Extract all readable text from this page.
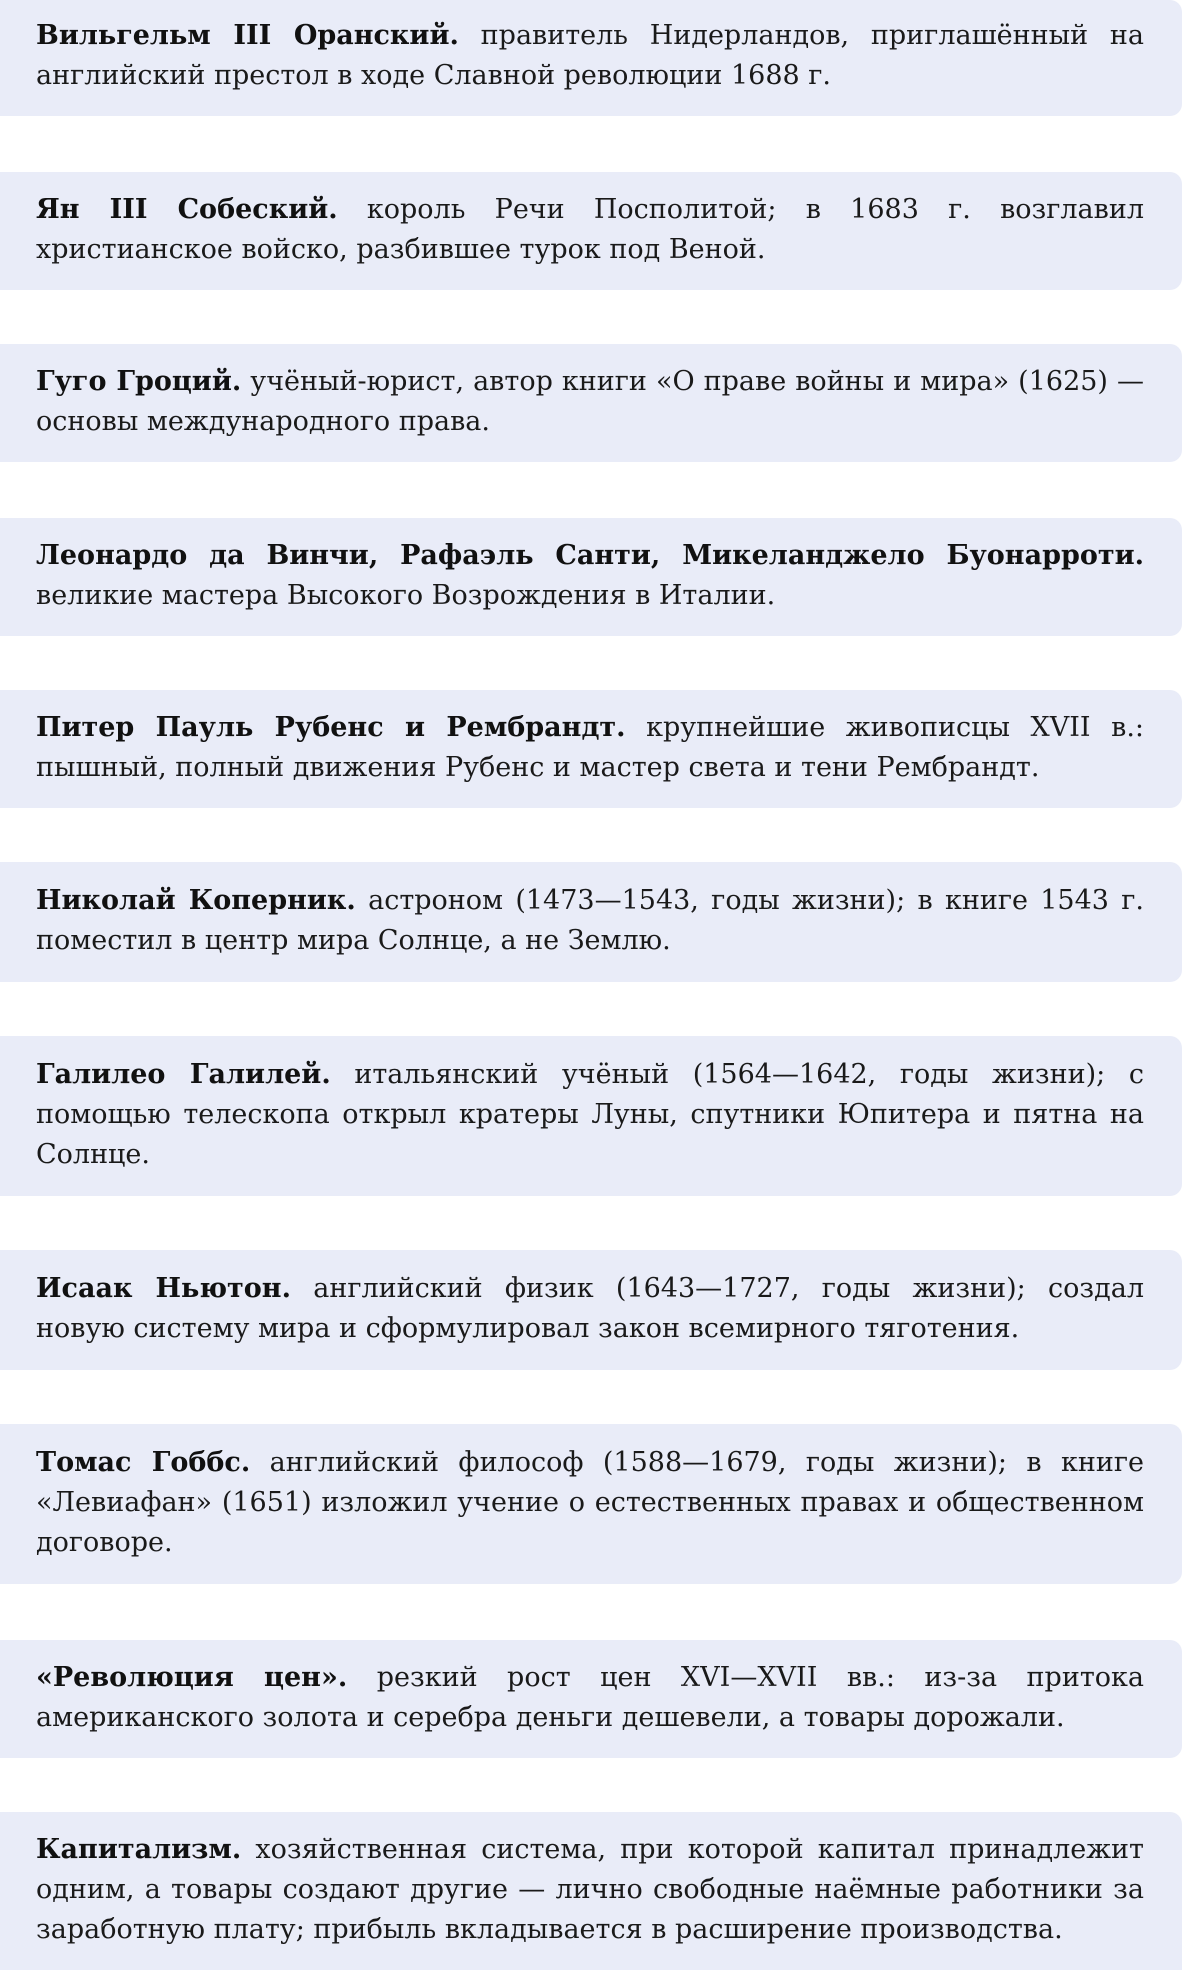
Вильгельм III Оранский. правитель Нидерландов, приглашённый на английский престол в ходе Славной революции 1688 г.

Ян III Собеский. король Речи Посполитой; в 1683 г. возглавил христианское войско, разбившее турок под Веной.

Гуго Гроций. учёный-юрист, автор книги «О праве войны и мира» (1625) — основы международного права.

Леонардо да Винчи, Рафаэль Санти, Микеланджело Буонарроти. великие мастера Высокого Возрождения в Италии.

Питер Пауль Рубенс и Рембрандт. крупнейшие живописцы XVII в.: пышный, полный движения Рубенс и мастер света и тени Рембрандт.

Николай Коперник. астроном (1473—1543, годы жизни); в книге 1543 г. поместил в центр мира Солнце, а не Землю.

Галилео Галилей. итальянский учёный (1564—1642, годы жизни); с помощью телескопа открыл кратеры Луны, спутники Юпитера и пятна на Солнце.

Исаак Ньютон. английский физик (1643—1727, годы жизни); создал новую систему мира и сформулировал закон всемирного тяготения.

Томас Гоббс. английский философ (1588—1679, годы жизни); в книге «Левиафан» (1651) изложил учение о естественных правах и общественном договоре.

«Революция цен». резкий рост цен XVI—XVII вв.: из-за притока американского золота и серебра деньги дешевели, а товары дорожали.

Капитализм. хозяйственная система, при которой капитал принадлежит одним, а товары создают другие — лично свободные наёмные работники за заработную плату; прибыль вкладывается в расширение производства.
